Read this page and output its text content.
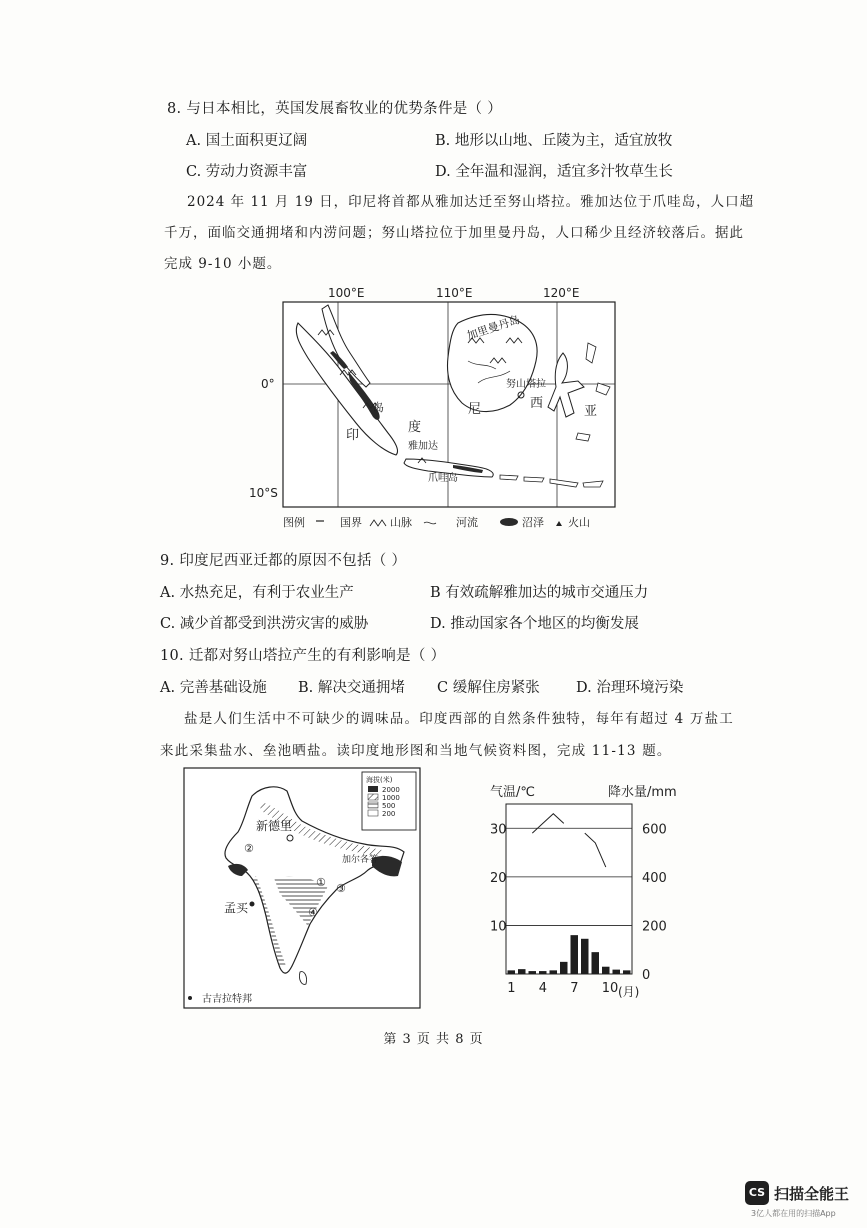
8. 与日本相比，英国发展畜牧业的优势条件是（ ）
A. 国土面积更辽阔	B. 地形以山地、丘陵为主，适宜放牧
C. 劳动力资源丰富	D. 全年温和湿润，适宜多汁牧草生长
2024 年 11 月 19 日，印尼将首都从雅加达迁至努山塔拉。雅加达位于爪哇岛，人口超
千万，面临交通拥堵和内涝问题；努山塔拉位于加里曼丹岛，人口稀少且经济较落后。据此
完成 9-10 小题。
100°E	110°E	120°E
0°
10°S
加里曼丹岛
努山塔拉
雅加达
爪哇岛
岛
印
度
尼	西
亚
图例	国界	山脉	河流	沼泽 火山
9. 印度尼西亚迁都的原因不包括（ ）
A. 水热充足，有利于农业生产	B 有效疏解雅加达的城市交通压力
C. 减少首都受到洪涝灾害的威胁	D. 推动国家各个地区的均衡发展
10. 迁都对努山塔拉产生的有利影响是（ ）
A. 完善基础设施 B. 解决交通拥堵 C 缓解住房紧张	D. 治理环境污染
盐是人们生活中不可缺少的调味品。印度西部的自然条件独特，每年有超过 4 万盐工
来此采集盐水、垒池晒盐。读印度地形图和当地气候资料图，完成 11-13 题。
①
②
③
④
新德里
孟买
加尔各答
古吉拉特邦
海拔(米)
2000
1000
500
200
气温/℃	降水量/mm
30
20
10
600
400
200
0
1 4 7 10 (月)
第 3 页 共 8 页
CS 扫描全能王
3亿人都在用的扫描App
